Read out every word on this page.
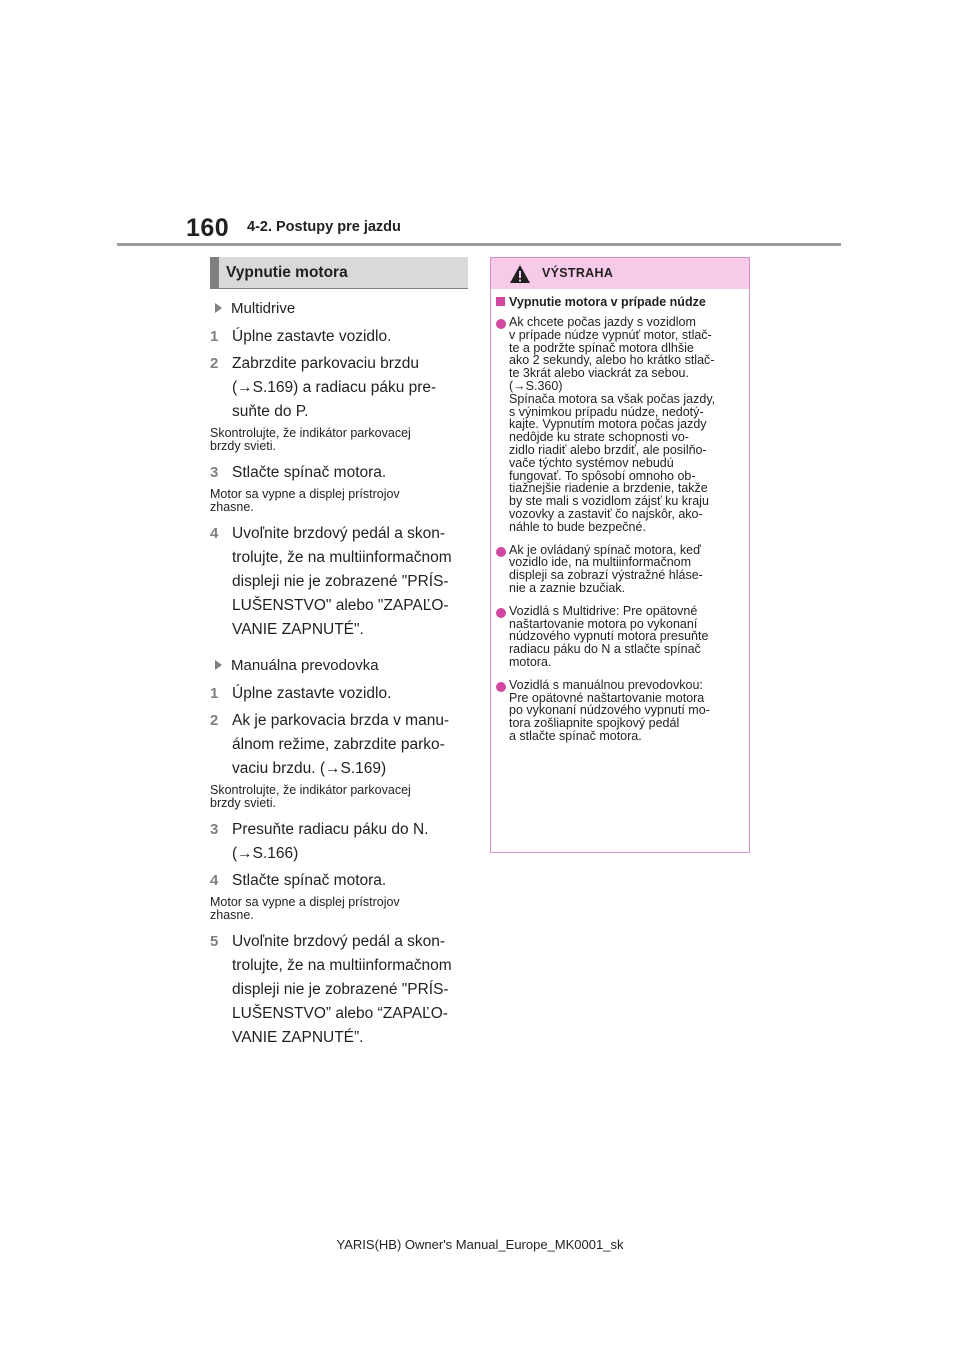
160 4-2. Postupy pre jazdu
Vypnutie motora
Multidrive
1 Úplne zastavte vozidlo.
2 Zabrzdite parkovaciu brzdu
(→S.169) a radiacu páku pre-
suňte do P.
Skontrolujte, že indikátor parkovacej
brzdy svieti.
3 Stlačte spínač motora.
Motor sa vypne a displej prístrojov
zhasne.
4 Uvoľnite brzdový pedál a skon-
trolujte, že na multiinformačnom
displeji nie je zobrazené "PRÍS-
LUŠENSTVO" alebo "ZAPAĽO-
VANIE ZAPNUTÉ".
Manuálna prevodovka
1 Úplne zastavte vozidlo.
2 Ak je parkovacia brzda v manu-
álnom režime, zabrzdite parko-
vaciu brzdu. (→S.169)
Skontrolujte, že indikátor parkovacej
brzdy svieti.
3 Presuňte radiacu páku do N.
(→S.166)
4 Stlačte spínač motora.
Motor sa vypne a displej prístrojov
zhasne.
5 Uvoľnite brzdový pedál a skon-
trolujte, že na multiinformačnom
displeji nie je zobrazené "PRÍS-
LUŠENSTVO” alebo “ZAPAĽO-
VANIE ZAPNUTÉ”.
VÝSTRAHA
Vypnutie motora v prípade núdze
Ak chcete počas jazdy s vozidlom
v prípade núdze vypnúť motor, stlač-
te a podržte spínač motora dlhšie
ako 2 sekundy, alebo ho krátko stlač-
te 3krát alebo viackrát za sebou.
(→S.360)
Spínača motora sa však počas jazdy,
s výnimkou prípadu núdze, nedotý-
kajte. Vypnutím motora počas jazdy
nedôjde ku strate schopnosti vo-
zidlo riadiť alebo brzdiť, ale posilňo-
vače týchto systémov nebudú
fungovať. To spôsobí omnoho ob-
tiažnejšie riadenie a brzdenie, takže
by ste mali s vozidlom zájsť ku kraju
vozovky a zastaviť čo najskôr, ako-
náhle to bude bezpečné.
Ak je ovládaný spínač motora, keď
vozidlo ide, na multiinformačnom
displeji sa zobrazí výstražné hláse-
nie a zaznie bzučiak.
Vozidlá s Multidrive: Pre opätovné
naštartovanie motora po vykonaní
núdzového vypnutí motora presuňte
radiacu páku do N a stlačte spínač
motora.
Vozidlá s manuálnou prevodovkou:
Pre opätovné naštartovanie motora
po vykonaní núdzového vypnutí mo-
tora zošliapnite spojkový pedál
a stlačte spínač motora.
YARIS(HB) Owner's Manual_Europe_MK0001_sk
